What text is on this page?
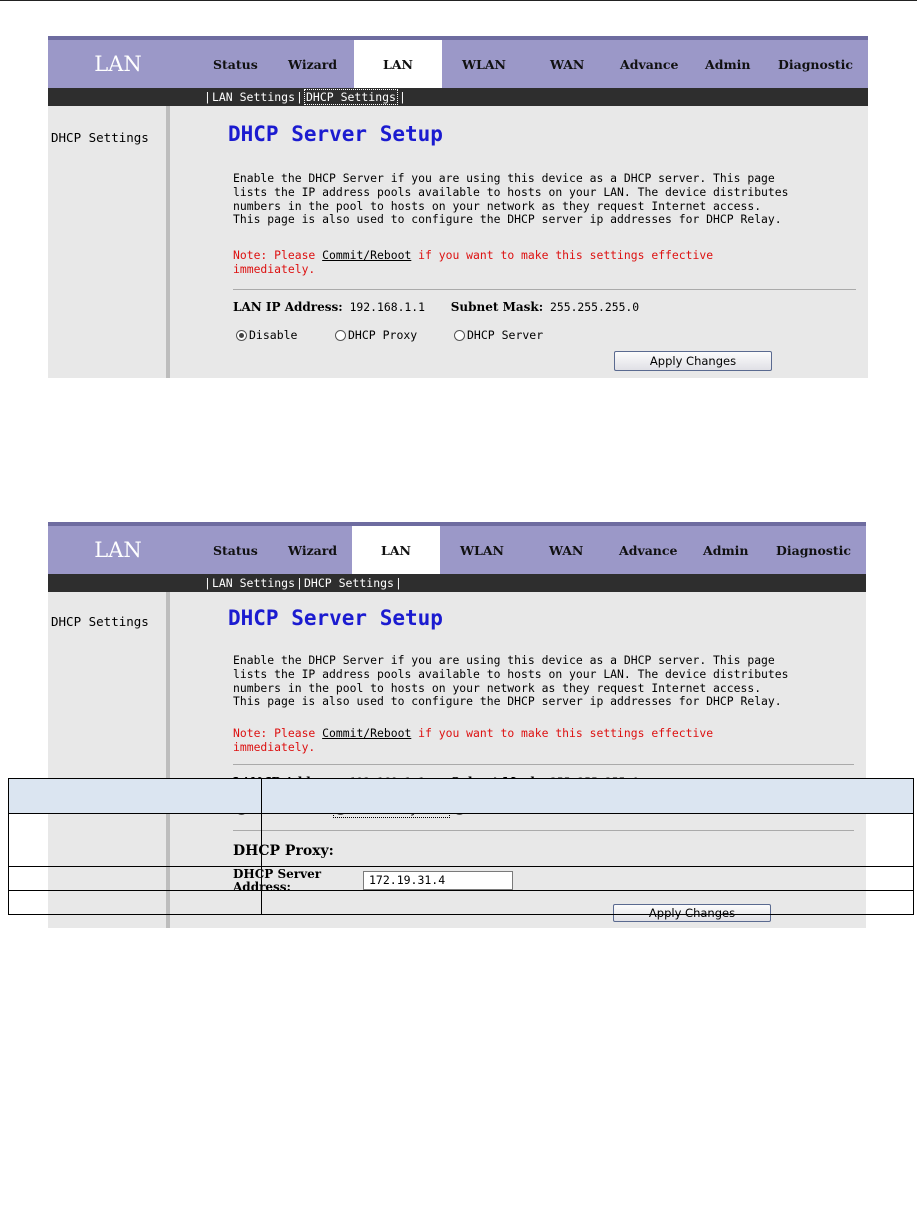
LAN	Status Wizard	LAN	WLAN	WAN	Advance Admin Diagnostic
|LAN Settings| DHCP Settings |
DHCP Settings	DHCP Server Setup
Enable the DHCP Server if you are using this device as a DHCP server. This page
lists the IP address pools available to hosts on your LAN. The device distributes
numbers in the pool to hosts on your network as they request Internet access.
This page is also used to configure the DHCP server ip addresses for DHCP Relay.
Note: Please Commit/Reboot if you want to make this settings effective
immediately.
LAN IP Address: 192.168.1.1 Subnet Mask: 255.255.255.0
Disable	DHCP Proxy	DHCP Server
Apply Changes
LAN	Status Wizard	LAN	WLAN	WAN	Advance Admin Diagnostic
|LAN Settings|DHCP Settings|
DHCP Settings	DHCP Server Setup
Enable the DHCP Server if you are using this device as a DHCP server. This page
lists the IP address pools available to hosts on your LAN. The device distributes
numbers in the pool to hosts on your network as they request Internet access.
This page is also used to configure the DHCP server ip addresses for DHCP Relay.
Note: Please Commit/Reboot if you want to make this settings effective
immediately.
DHCP Proxy:
DHCP Server Address:	172.19.31.4
Apply Changes
